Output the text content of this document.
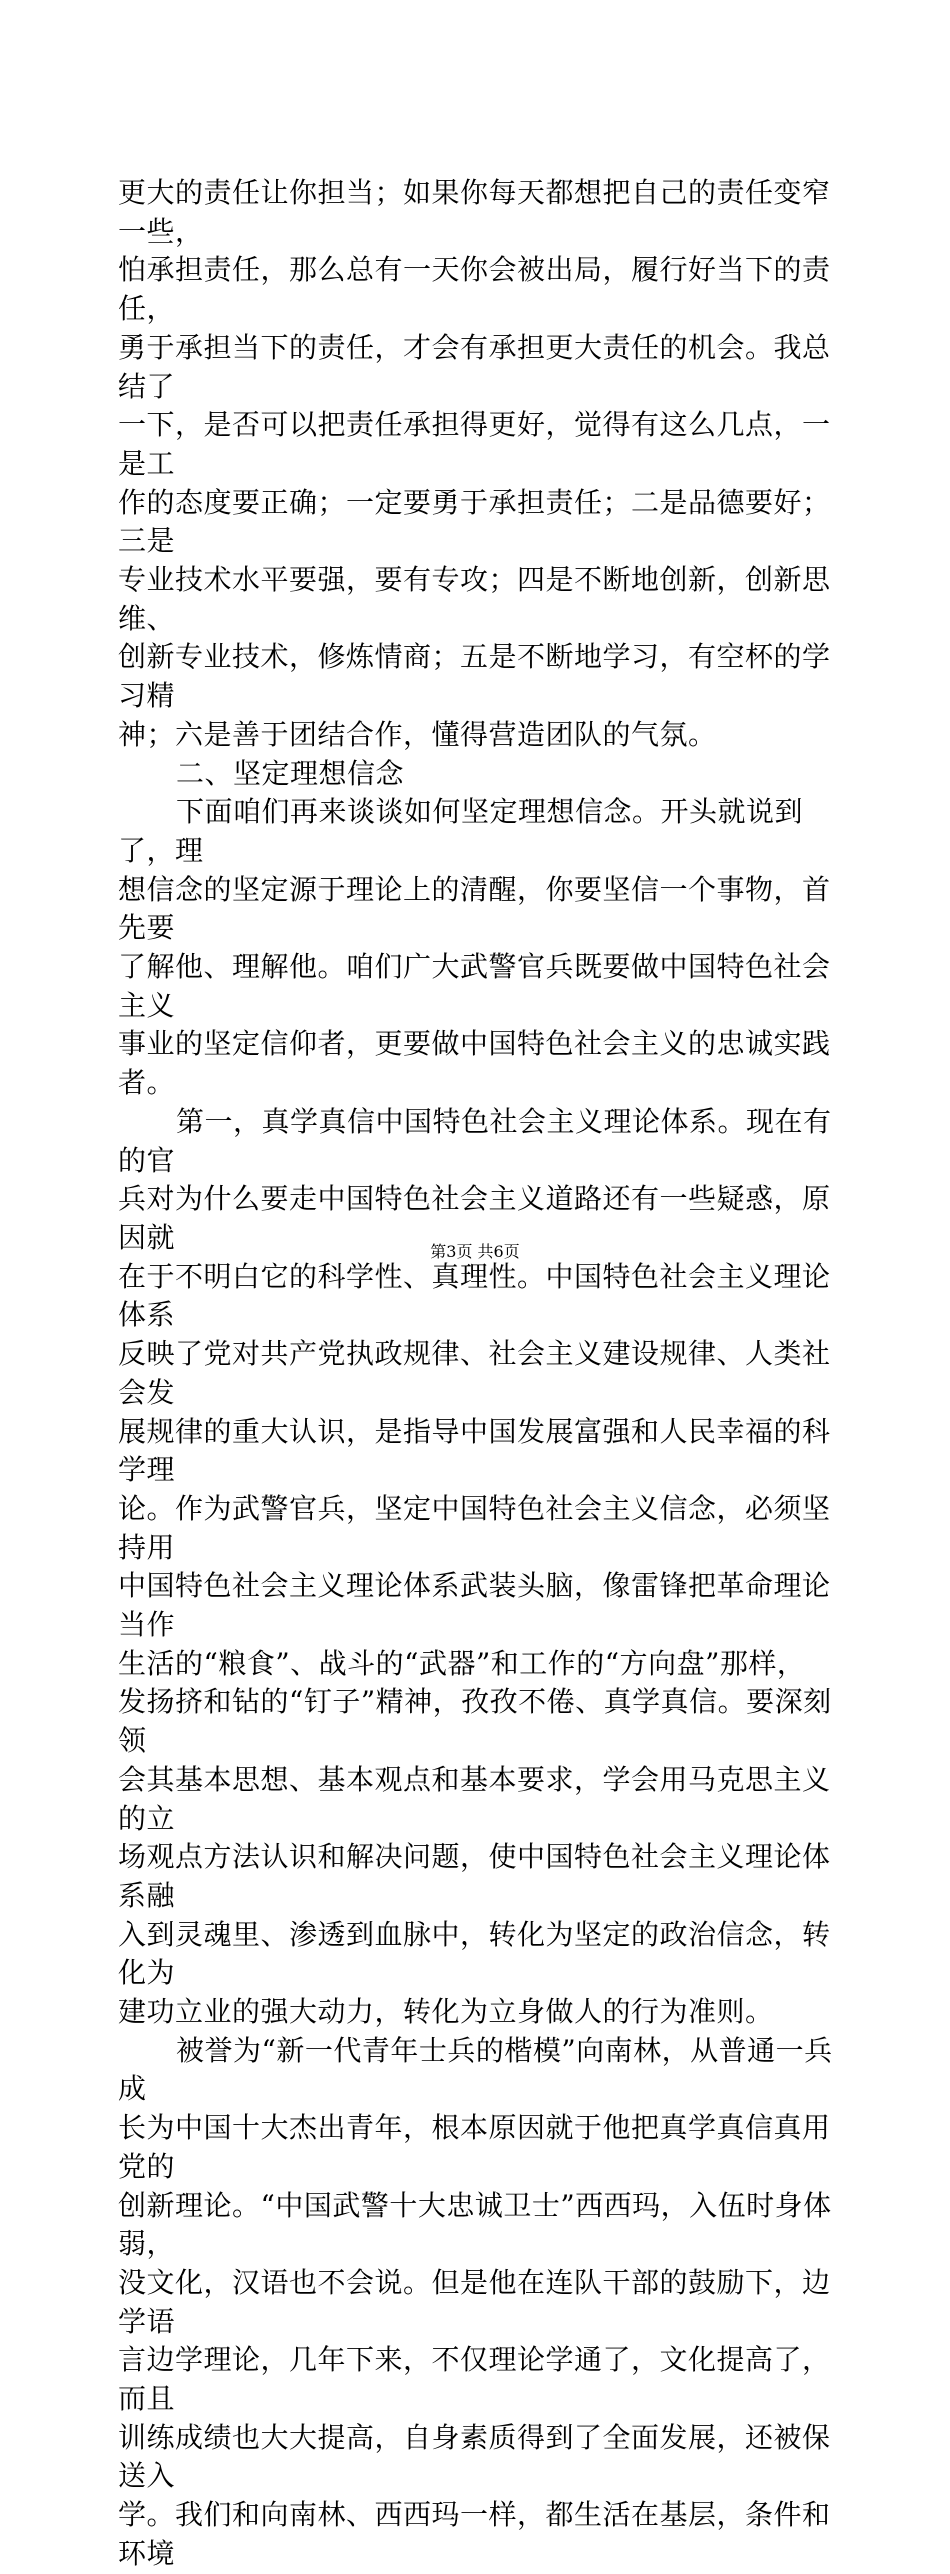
更大的责任让你担当；如果你每天都想把自己的责任变窄一些，

怕承担责任，那么总有一天你会被出局，履行好当下的责任，

勇于承担当下的责任，才会有承担更大责任的机会。我总结了

一下，是否可以把责任承担得更好，觉得有这么几点，一是工

作的态度要正确；一定要勇于承担责任；二是品德要好；三是

专业技术水平要强，要有专攻；四是不断地创新，创新思维、

创新专业技术，修炼情商；五是不断地学习，有空杯的学习精

神；六是善于团结合作，懂得营造团队的气氛。

二、坚定理想信念

下面咱们再来谈谈如何坚定理想信念。开头就说到了，理

想信念的坚定源于理论上的清醒，你要坚信一个事物，首先要

了解他、理解他。咱们广大武警官兵既要做中国特色社会主义

事业的坚定信仰者，更要做中国特色社会主义的忠诚实践者。

第一，真学真信中国特色社会主义理论体系。现在有的官

兵对为什么要走中国特色社会主义道路还有一些疑惑，原因就

在于不明白它的科学性、真理性。中国特色社会主义理论体系

反映了党对共产党执政规律、社会主义建设规律、人类社会发

展规律的重大认识，是指导中国发展富强和人民幸福的科学理

论。作为武警官兵，坚定中国特色社会主义信念，必须坚持用

中国特色社会主义理论体系武装头脑，像雷锋把革命理论当作

生活的“粮食”、战斗的“武器”和工作的“方向盘”那样，

发扬挤和钻的“钉子”精神，孜孜不倦、真学真信。要深刻领

会其基本思想、基本观点和基本要求，学会用马克思主义的立

场观点方法认识和解决问题，使中国特色社会主义理论体系融

入到灵魂里、渗透到血脉中，转化为坚定的政治信念，转化为

建功立业的强大动力，转化为立身做人的行为准则。

被誉为“新一代青年士兵的楷模”向南林，从普通一兵成

长为中国十大杰出青年，根本原因就于他把真学真信真用党的

创新理论。“中国武警十大忠诚卫士”西西玛，入伍时身体弱，

没文化，汉语也不会说。但是他在连队干部的鼓励下，边学语

言边学理论，几年下来，不仅理论学通了，文化提高了，而且

训练成绩也大大提高，自身素质得到了全面发展，还被保送入

学。我们和向南林、西西玛一样，都生活在基层，条件和环境

第3页 共6页
